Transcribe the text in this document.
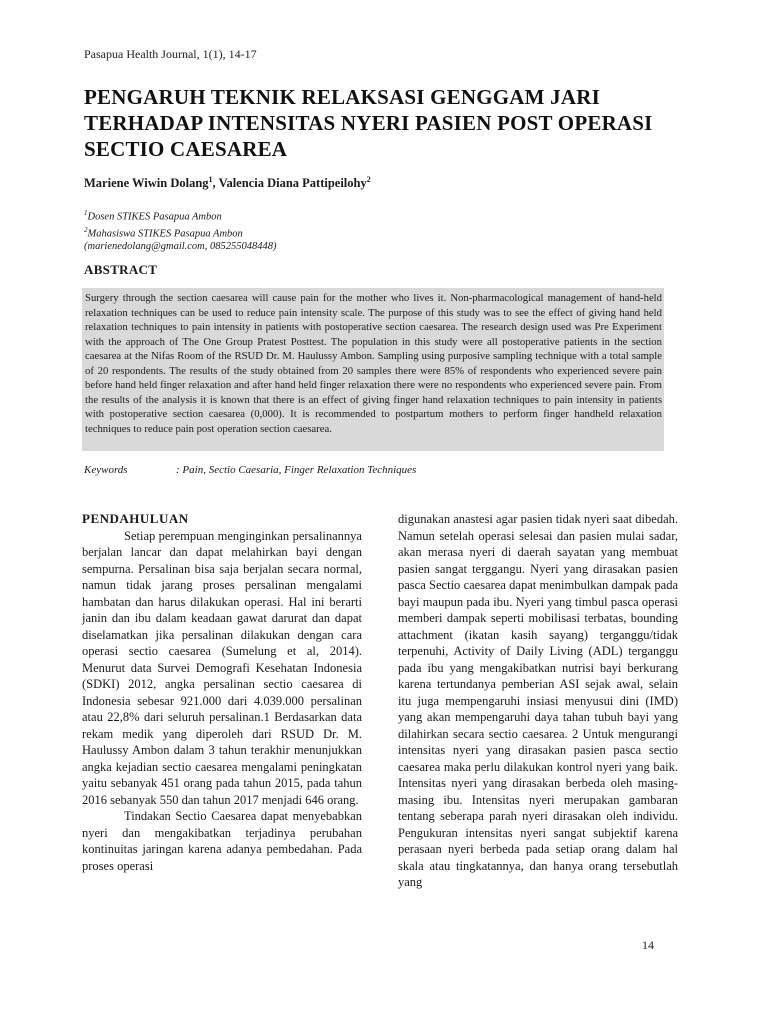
Pasapua Health Journal, 1(1), 14-17
PENGARUH TEKNIK RELAKSASI GENGGAM JARI TERHADAP INTENSITAS NYERI PASIEN POST OPERASI SECTIO CAESAREA
Mariene Wiwin Dolang$^1$, Valencia Diana Pattipeilohy$^2$
$^1$Dosen STIKES Pasapua Ambon
$^2$Mahasiswa STIKES Pasapua Ambon
(marienedolang@gmail.com, 085255048448)
ABSTRACT
Surgery through the section caesarea will cause pain for the mother who lives it. Non-pharmacological management of hand-held relaxation techniques can be used to reduce pain intensity scale. The purpose of this study was to see the effect of giving hand held relaxation techniques to pain intensity in patients with postoperative section caesarea. The research design used was Pre Experiment with the approach of The One Group Pratest Posttest. The population in this study were all postoperative patients in the section caesarea at the Nifas Room of the RSUD Dr. M. Haulussy Ambon. Sampling using purposive sampling technique with a total sample of 20 respondents. The results of the study obtained from 20 samples there were 85% of respondents who experienced severe pain before hand held finger relaxation and after hand held finger relaxation there were no respondents who experienced severe pain. From the results of the analysis it is known that there is an effect of giving finger hand relaxation techniques to pain intensity in patients with postoperative section caesarea (0,000). It is recommended to postpartum mothers to perform finger handheld relaxation techniques to reduce pain post operation section caesarea.
Keywords	: Pain, Sectio Caesaria, Finger Relaxation Techniques
PENDAHULUAN

Setiap perempuan menginginkan persalinannya berjalan lancar dan dapat melahirkan bayi dengan sempurna. Persalinan bisa saja berjalan secara normal, namun tidak jarang proses persalinan mengalami hambatan dan harus dilakukan operasi. Hal ini berarti janin dan ibu dalam keadaan gawat darurat dan dapat diselamatkan jika persalinan dilakukan dengan cara operasi sectio caesarea (Sumelung et al, 2014). Menurut data Survei Demografi Kesehatan Indonesia (SDKI) 2012, angka persalinan sectio caesarea di Indonesia sebesar 921.000 dari 4.039.000 persalinan atau 22,8% dari seluruh persalinan.1 Berdasarkan data rekam medik yang diperoleh dari RSUD Dr. M. Haulussy Ambon dalam 3 tahun terakhir menunjukkan angka kejadian sectio caesarea mengalami peningkatan yaitu sebanyak 451 orang pada tahun 2015, pada tahun 2016 sebanyak 550 dan tahun 2017 menjadi 646 orang.

Tindakan Sectio Caesarea dapat menyebabkan nyeri dan mengakibatkan terjadinya perubahan kontinuitas jaringan karena adanya pembedahan. Pada proses operasi

digunakan anastesi agar pasien tidak nyeri saat dibedah. Namun setelah operasi selesai dan pasien mulai sadar, akan merasa nyeri di daerah sayatan yang membuat pasien sangat terggangu. Nyeri yang dirasakan pasien pasca Sectio caesarea dapat menimbulkan dampak pada bayi maupun pada ibu. Nyeri yang timbul pasca operasi memberi dampak seperti mobilisasi terbatas, bounding attachment (ikatan kasih sayang) terganggu/tidak terpenuhi, Activity of Daily Living (ADL) terganggu pada ibu yang mengakibatkan nutrisi bayi berkurang karena tertundanya pemberian ASI sejak awal, selain itu juga mempengaruhi insiasi menyusui dini (IMD) yang akan mempengaruhi daya tahan tubuh bayi yang dilahirkan secara sectio caesarea. 2 Untuk mengurangi intensitas nyeri yang dirasakan pasien pasca sectio caesarea maka perlu dilakukan kontrol nyeri yang baik. Intensitas nyeri yang dirasakan berbeda oleh masing- masing ibu. Intensitas nyeri merupakan gambaran tentang seberapa parah nyeri dirasakan oleh individu. Pengukuran intensitas nyeri sangat subjektif karena perasaan nyeri berbeda pada setiap orang dalam hal skala atau tingkatannya, dan hanya orang tersebutlah yang

14
